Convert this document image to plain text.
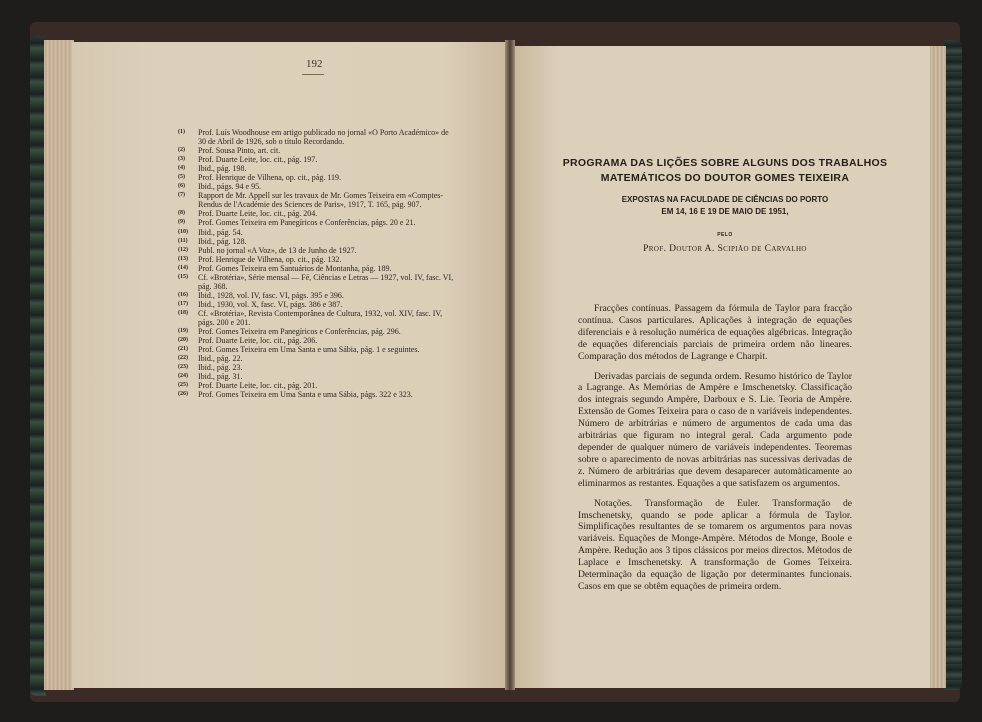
192
(1) Prof. Luís Woodhouse em artigo publicado no jornal «O Porto Académico» de 30 de Abril de 1926, sob o título Recordando.
(2) Prof. Sousa Pinto, art. cit.
(3) Prof. Duarte Leite, loc. cit., pág. 197.
(4) Ibid., pág. 198.
(5) Prof. Henrique de Vilhena, op. cit., pág. 119.
(6) Ibid., págs. 94 e 95.
(7) Rapport de Mr. Appell sur les travaux de Mr. Gomes Teixeira em «Comptes-Rendus de l'Académie des Sciences de Paris», 1917, T. 165, pág. 907.
(8) Prof. Duarte Leite, loc. cit., pág. 204.
(9) Prof. Gomes Teixeira em Panegíricos e Conferências, págs. 20 e 21.
(10) Ibid., pág. 54.
(11) Ibid., pág. 128.
(12) Publ. no jornal «A Voz», de 13 de Junho de 1927.
(13) Prof. Henrique de Vilhena, op. cit., pág. 132.
(14) Prof. Gomes Teixeira em Santuários de Montanha, pág. 189.
(15) Cf. «Brotéria», Série mensal — Fé, Ciências e Letras — 1927, vol. IV, fasc. VI, pág. 368.
(16) Ibid., 1928, vol. IV, fasc. VI, págs. 395 e 396.
(17) Ibid., 1930, vol. X, fasc. VI, págs. 386 e 387.
(18) Cf. «Brotéria», Revista Contemporânea de Cultura, 1932, vol. XIV, fasc. IV, págs. 200 e 201.
(19) Prof. Gomes Teixeira em Panegíricos e Conferências, pág. 296.
(20) Prof. Duarte Leite, loc. cit., pág. 206.
(21) Prof. Gomes Teixeira em Uma Santa e uma Sábia, pág. 1 e seguintes.
(22) Ibid., pág. 22.
(23) Ibid., pág. 23.
(24) Ibid., pág. 31.
(25) Prof. Duarte Leite, loc. cit., pág. 201.
(26) Prof. Gomes Teixeira em Uma Santa e uma Sábia, págs. 322 e 323.
PROGRAMA DAS LIÇÕES SOBRE ALGUNS DOS TRABALHOS
MATEMÁTICOS DO DOUTOR GOMES TEIXEIRA
EXPOSTAS NA FACULDADE DE CIÊNCIAS DO PORTO
EM 14, 16 E 19 DE MAIO DE 1951,
PELO
Prof. Doutor A. Scipião de Carvalho

Fracções contínuas. Passagem da fórmula de Taylor para fracção contínua. Casos particulares. Aplicações à integração de equações diferenciais e à resolução numérica de equações algébricas. Integração de equações diferenciais parciais de primeira ordem não lineares. Comparação dos métodos de Lagrange e Charpit.

Derivadas parciais de segunda ordem. Resumo histórico de Taylor a Lagrange. As Memórias de Ampère e Imschenetsky. Classificação dos integrais segundo Ampère, Darboux e S. Lie. Teoria de Ampère. Extensão de Gomes Teixeira para o caso de n variáveis independentes. Número de arbitrárias e número de argumentos de cada uma das arbitrárias que figuram no integral geral. Cada argumento pode depender de qualquer número de variáveis independentes. Teoremas sobre o aparecimento de novas arbitrárias nas sucessivas derivadas de z. Número de arbitrárias que devem desaparecer automàticamente ao eliminarmos as restantes. Equações a que satisfazem os argumentos.

Notações. Transformação de Euler. Transformação de Imschenetsky, quando se pode aplicar a fórmula de Taylor. Simplificações resultantes de se tomarem os argumentos para novas variáveis. Equações de Monge-Ampère. Métodos de Monge, Boole e Ampère. Redução aos 3 tipos clássicos por meios directos. Métodos de Laplace e Imschenetsky. A transformação de Gomes Teixeira. Determinação da equação de ligação por determinantes funcionais. Casos em que se obtêm equações de primeira ordem.
